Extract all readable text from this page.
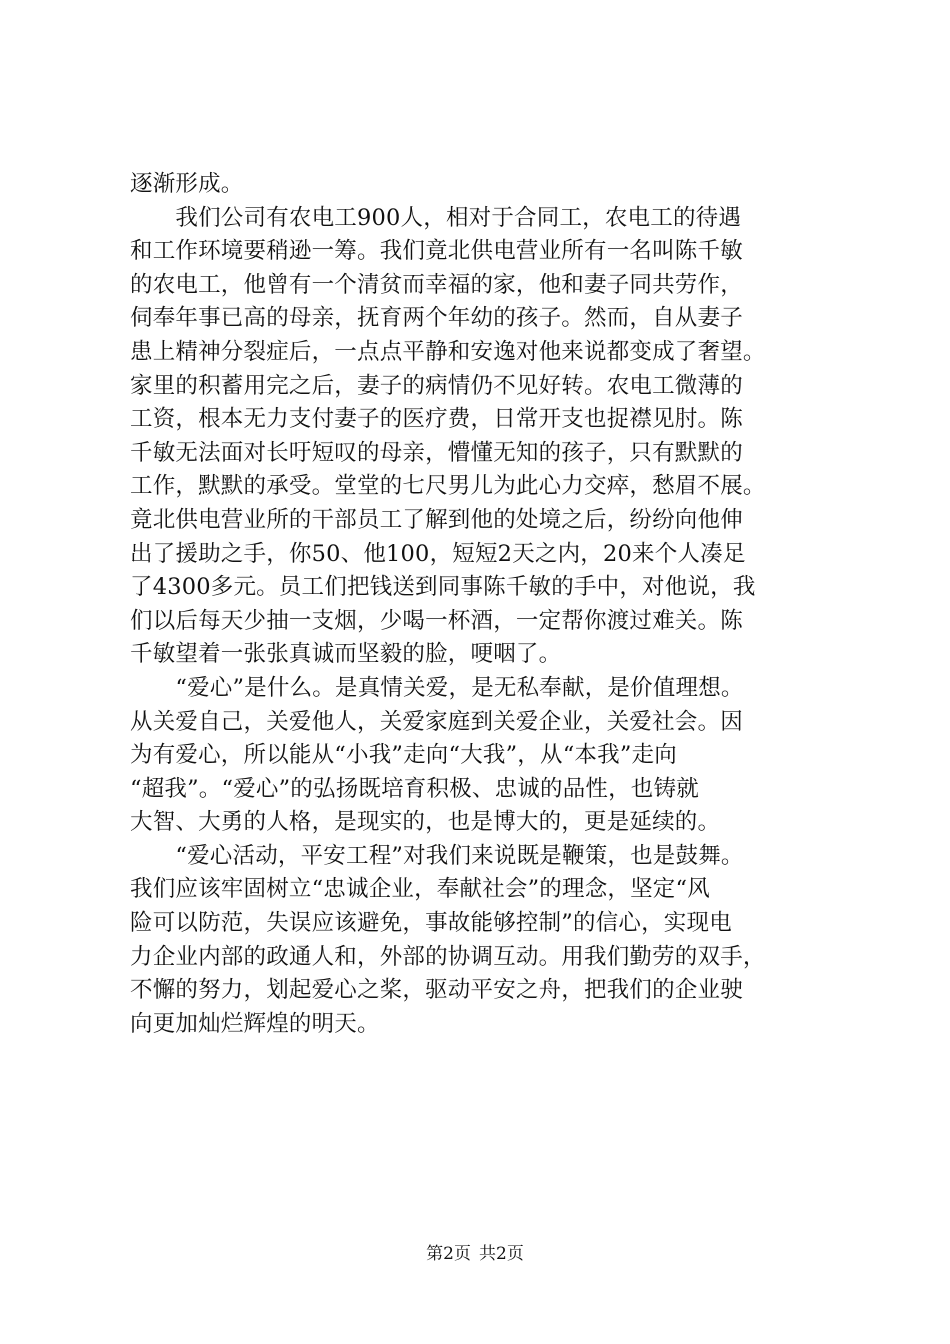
逐渐形成。
　　我们公司有农电工900人，相对于合同工，农电工的待遇
和工作环境要稍逊一筹。我们竟北供电营业所有一名叫陈千敏
的农电工，他曾有一个清贫而幸福的家，他和妻子同共劳作，
伺奉年事已高的母亲，抚育两个年幼的孩子。然而，自从妻子
患上精神分裂症后，一点点平静和安逸对他来说都变成了奢望。
家里的积蓄用完之后，妻子的病情仍不见好转。农电工微薄的
工资，根本无力支付妻子的医疗费，日常开支也捉襟见肘。陈
千敏无法面对长吁短叹的母亲，懵懂无知的孩子，只有默默的
工作，默默的承受。堂堂的七尺男儿为此心力交瘁，愁眉不展。
竟北供电营业所的干部员工了解到他的处境之后，纷纷向他伸
出了援助之手，你50、他100，短短2天之内，20来个人凑足
了4300多元。员工们把钱送到同事陈千敏的手中，对他说，我
们以后每天少抽一支烟，少喝一杯酒，一定帮你渡过难关。陈
千敏望着一张张真诚而坚毅的脸，哽咽了。
　　“爱心”是什么。是真情关爱，是无私奉献，是价值理想。
从关爱自己，关爱他人，关爱家庭到关爱企业，关爱社会。因
为有爱心，所以能从“小我”走向“大我”，从“本我”走向
“超我”。“爱心”的弘扬既培育积极、忠诚的品性，也铸就
大智、大勇的人格，是现实的，也是博大的，更是延续的。
　　“爱心活动，平安工程”对我们来说既是鞭策，也是鼓舞。
我们应该牢固树立“忠诚企业，奉献社会”的理念，坚定“风
险可以防范，失误应该避免，事故能够控制”的信心，实现电
力企业内部的政通人和，外部的协调互动。用我们勤劳的双手，
不懈的努力，划起爱心之桨，驱动平安之舟，把我们的企业驶
向更加灿烂辉煌的明天。
第2页 共2页
